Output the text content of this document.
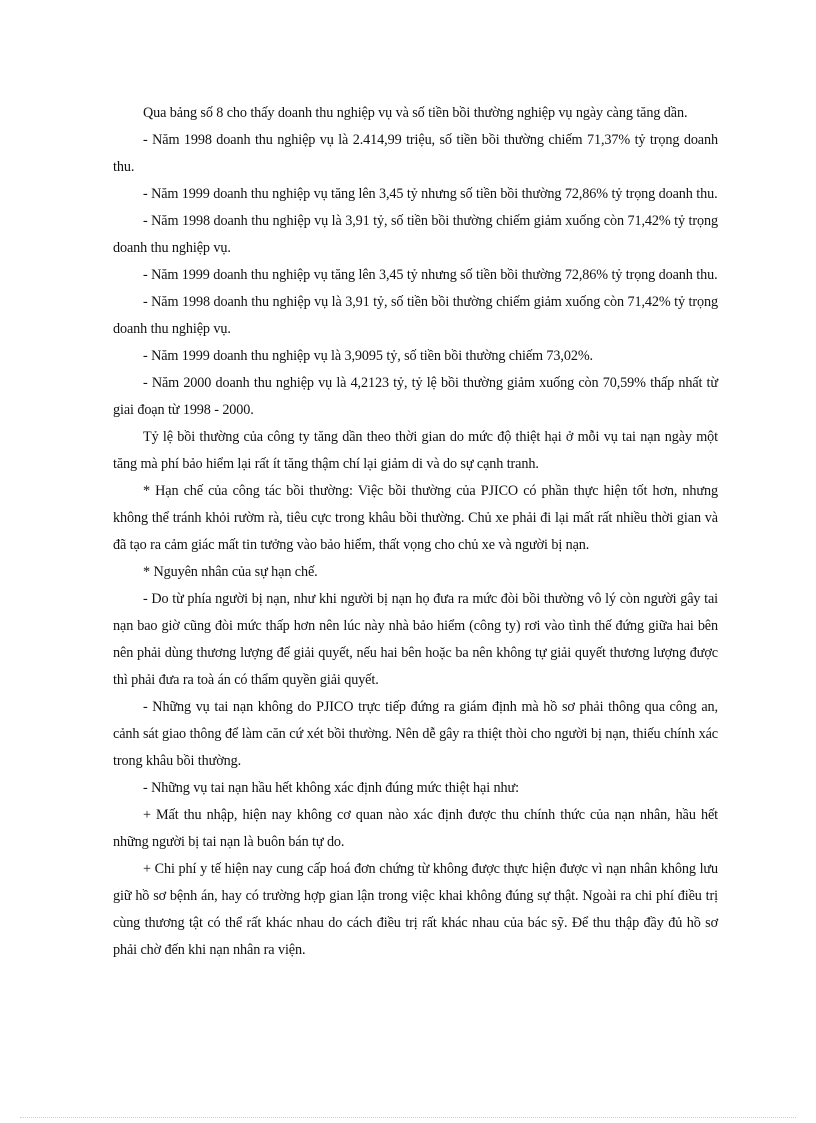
Qua bảng số 8 cho thấy doanh thu nghiệp vụ và số tiền bồi thường nghiệp vụ ngày càng tăng dần.

- Năm 1998 doanh thu nghiệp vụ là 2.414,99 triệu, số tiền bồi thường chiếm 71,37% tỷ trọng doanh thu.

- Năm 1999 doanh thu nghiệp vụ tăng lên 3,45 tỷ nhưng số tiền bồi thường 72,86% tỷ trọng doanh thu.

- Năm 1998 doanh thu nghiệp vụ là 3,91 tỷ, số tiền bồi thường chiếm giảm xuống còn 71,42% tỷ trọng doanh thu nghiệp vụ.

- Năm 1999 doanh thu nghiệp vụ tăng lên 3,45 tỷ nhưng số tiền bồi thường 72,86% tỷ trọng doanh thu.

- Năm 1998 doanh thu nghiệp vụ là 3,91 tỷ, số tiền bồi thường chiếm giảm xuống còn 71,42% tỷ trọng doanh thu nghiệp vụ.

- Năm 1999 doanh thu nghiệp vụ là 3,9095 tỷ, số tiền bồi thường chiếm 73,02%.

- Năm 2000 doanh thu nghiệp vụ là 4,2123 tỷ, tỷ lệ bồi thường giảm xuống còn 70,59% thấp nhất từ giai đoạn từ 1998 - 2000.

Tỷ lệ bồi thường của công ty tăng dần theo thời gian do mức độ thiệt hại ở mỗi vụ tai nạn ngày một tăng mà phí bảo hiểm lại rất ít tăng thậm chí lại giảm di và do sự cạnh tranh.

* Hạn chế của công tác bồi thường: Việc bồi thường của PJICO có phần thực hiện tốt hơn, nhưng không thể tránh khỏi rườm rà, tiêu cực trong khâu bồi thường. Chủ xe phải đi lại mất rất nhiều thời gian và đã tạo ra cảm giác mất tin tưởng vào bảo hiểm, thất vọng cho chủ xe và người bị nạn.

* Nguyên nhân của sự hạn chế.

- Do từ phía người bị nạn, như khi người bị nạn họ đưa ra mức đòi bồi thường vô lý còn người gây tai nạn bao giờ cũng đòi mức thấp hơn nên lúc này nhà bảo hiểm (công ty) rơi vào tình thế đứng giữa hai bên nên phải dùng thương lượng để giải quyết, nếu hai bên hoặc ba nên không tự giải quyết thương lượng được thì phải đưa ra toà án có thẩm quyền giải quyết.

- Những vụ tai nạn không do PJICO trực tiếp đứng ra giám định mà hồ sơ phải thông qua công an, cảnh sát giao thông để làm căn cứ xét bồi thường. Nên dễ gây ra thiệt thòi cho người bị nạn, thiếu chính xác trong khâu bồi thường.

- Những vụ tai nạn hầu hết không xác định đúng mức thiệt hại như:

+ Mất thu nhập, hiện nay không cơ quan nào xác định được thu chính thức của nạn nhân, hầu hết những người bị tai nạn là buôn bán tự do.

+ Chi phí y tế hiện nay cung cấp hoá đơn chứng từ không được thực hiện được vì nạn nhân không lưu giữ hồ sơ bệnh án, hay có trường hợp gian lận trong việc khai không đúng sự thật. Ngoài ra chi phí điều trị cùng thương tật có thể rất khác nhau do cách điều trị rất khác nhau của bác sỹ. Để thu thập đầy đủ hồ sơ phải chờ đến khi nạn nhân ra viện.
